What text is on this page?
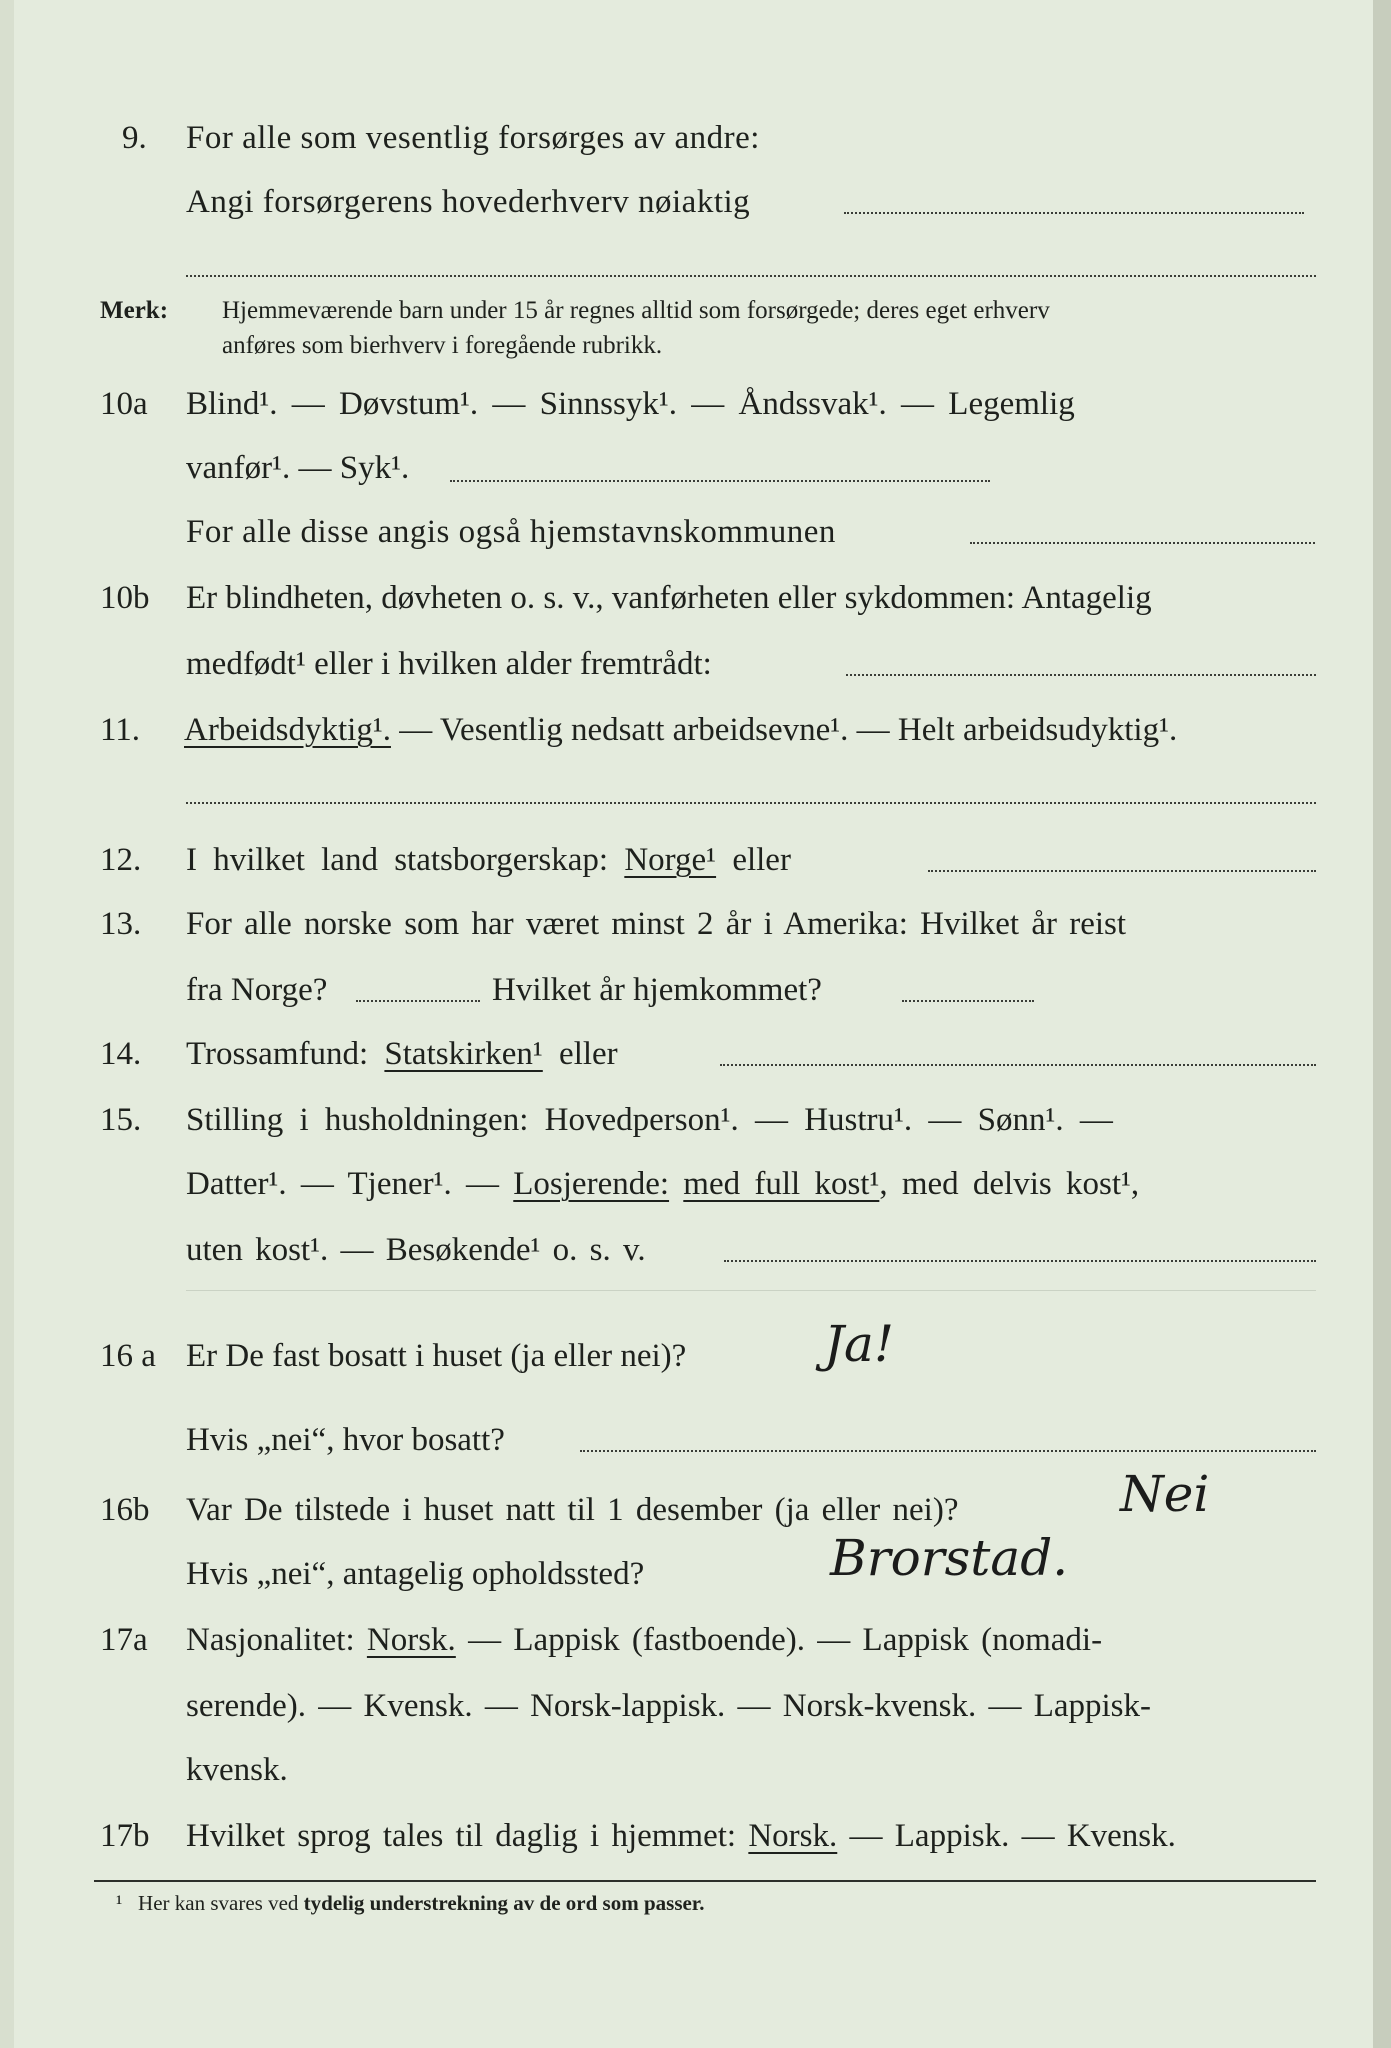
9. For alle som vesentlig forsørges av andre:
Angi forsørgerens hovederhverv nøiaktig
Merk: Hjemmeværende barn under 15 år regnes alltid som forsørgede; deres eget erhverv
anføres som bierhverv i foregående rubrikk.
10a Blind¹. — Døvstum¹. — Sinnssyk¹. — Åndssvak¹. — Legemlig
vanfør¹. — Syk¹.
For alle disse angis også hjemstavnskommunen
10b Er blindheten, døvheten o. s. v., vanførheten eller sykdommen: Antagelig
medfødt¹ eller i hvilken alder fremtrådt:
11. Arbeidsdyktig¹. — Vesentlig nedsatt arbeidsevne¹. — Helt arbeidsudyktig¹.
12. I hvilket land statsborgerskap: Norge¹ eller
13. For alle norske som har været minst 2 år i Amerika: Hvilket år reist
fra Norge?	Hvilket år hjemkommet?
14. Trossamfund: Statskirken¹ eller
15. Stilling i husholdningen: Hovedperson¹. — Hustru¹. — Sønn¹. —
Datter¹. — Tjener¹. — Losjerende: med full kost¹, med delvis kost¹,
uten kost¹. — Besøkende¹ o. s. v.
16 a Er De fast bosatt i huset (ja eller nei)?	Ja!
Hvis „nei“, hvor bosatt?
16b Var De tilstede i huset natt til 1 desember (ja eller nei)?	Nei
Hvis „nei“, antagelig opholdssted?	Brorstad.
17a Nasjonalitet: Norsk. — Lappisk (fastboende). — Lappisk (nomadi-
serende). — Kvensk. — Norsk-lappisk. — Norsk-kvensk. — Lappisk-
kvensk.
17b Hvilket sprog tales til daglig i hjemmet: Norsk. — Lappisk. — Kvensk.
¹ Her kan svares ved tydelig understrekning av de ord som passer.
